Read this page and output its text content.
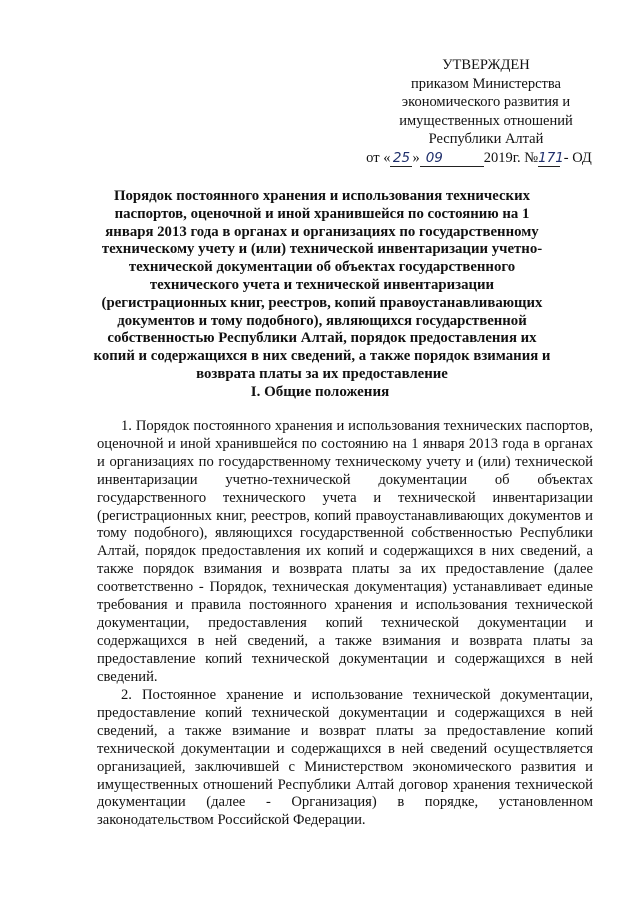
УТВЕРЖДЕН
приказом Министерства
экономического развития и
имущественных отношений
Республики Алтай
от « 25 » 09	2019г. №171 - ОД
Порядок постоянного хранения и использования технических паспортов, оценочной и иной хранившейся по состоянию на 1 января 2013 года в органах и организациях по государственному техническому учету и (или) технической инвентаризации учетно-технической документации об объектах государственного технического учета и технической инвентаризации (регистрационных книг, реестров, копий правоустанавливающих документов и тому подобного), являющихся государственной собственностью Республики Алтай, порядок предоставления их копий и содержащихся в них сведений, а также порядок взимания и возврата платы за их предоставление
I. Общие положения

1. Порядок постоянного хранения и использования технических паспортов, оценочной и иной хранившейся по состоянию на 1 января 2013 года в органах и организациях по государственному техническому учету и (или) технической инвентаризации учетно-технической документации об объектах государственного технического учета и технической инвентаризации (регистрационных книг, реестров, копий правоустанавливающих документов и тому подобного), являющихся государственной собственностью Республики Алтай, порядок предоставления их копий и содержащихся в них сведений, а также порядок взимания и возврата платы за их предоставление (далее соответственно - Порядок, техническая документация) устанавливает единые требования и правила постоянного хранения и использования технической документации, предоставления копий технической документации и содержащихся в ней сведений, а также взимания и возврата платы за предоставление копий технической документации и содержащихся в ней сведений.

2. Постоянное хранение и использование технической документации, предоставление копий технической документации и содержащихся в ней сведений, а также взимание и возврат платы за предоставление копий технической документации и содержащихся в ней сведений осуществляется организацией, заключившей с Министерством экономического развития и имущественных отношений Республики Алтай договор хранения технической документации (далее - Организация) в порядке, установленном законодательством Российской Федерации.
